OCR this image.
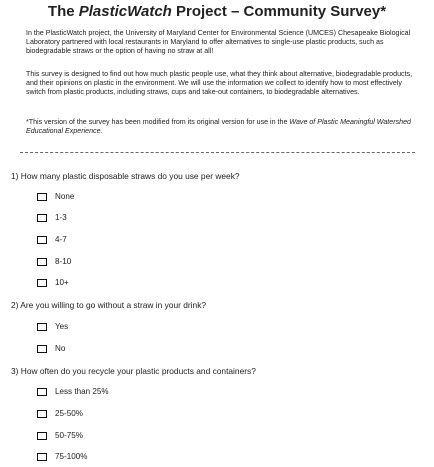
The PlasticWatch Project – Community Survey*
In the PlasticWatch project, the University of Maryland Center for Environmental Science (UMCES) Chesapeake Biological Laboratory partnered with local restaurants in Maryland to offer alternatives to single-use plastic products, such as biodegradable straws or the option of having no straw at all!
This survey is designed to find out how much plastic people use, what they think about alternative, biodegradable products, and their opinions on plastic in the environment. We will use the information we collect to identify how to most effectively switch from plastic products, including straws, cups and take-out containers, to biodegradable alternatives.
*This version of the survey has been modified from its original version for use in the Wave of Plastic Meaningful Watershed Educational Experience.
1) How many plastic disposable straws do you use per week?
None
1-3
4-7
8-10
10+
2) Are you willing to go without a straw in your drink?
Yes
No
3) How often do you recycle your plastic products and containers?
Less than 25%
25-50%
50-75%
75-100%
